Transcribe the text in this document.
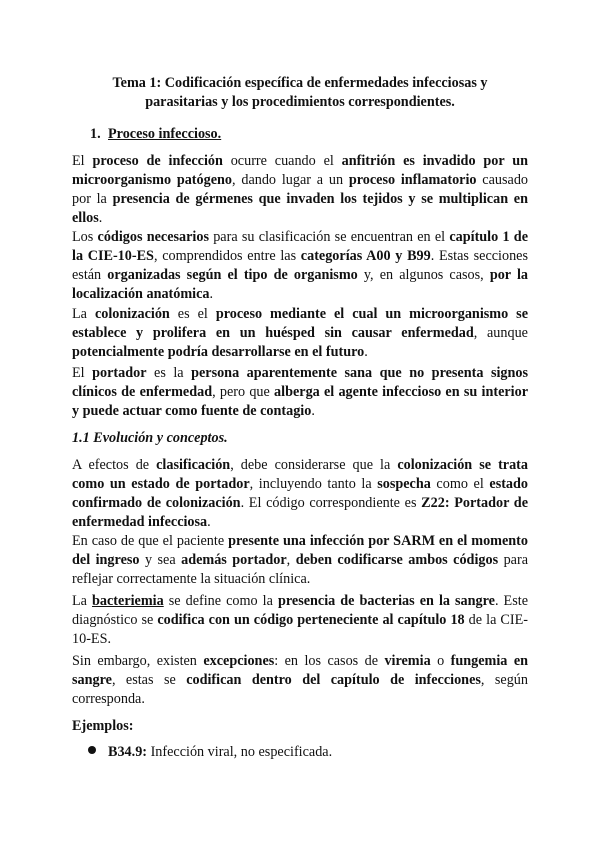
Tema 1: Codificación específica de enfermedades infecciosas y
parasitarias y los procedimientos correspondientes.
1. Proceso infeccioso.

El proceso de infección ocurre cuando el anfitrión es invadido por un microorganismo patógeno, dando lugar a un proceso inflamatorio causado por la presencia de gérmenes que invaden los tejidos y se multiplican en ellos.

Los códigos necesarios para su clasificación se encuentran en el capítulo 1 de la CIE-10-ES, comprendidos entre las categorías A00 y B99. Estas secciones están organizadas según el tipo de organismo y, en algunos casos, por la localización anatómica.

La colonización es el proceso mediante el cual un microorganismo se establece y prolifera en un huésped sin causar enfermedad, aunque potencialmente podría desarrollarse en el futuro.

El portador es la persona aparentemente sana que no presenta signos clínicos de enfermedad, pero que alberga el agente infeccioso en su interior y puede actuar como fuente de contagio.

1.1 Evolución y conceptos.

A efectos de clasificación, debe considerarse que la colonización se trata como un estado de portador, incluyendo tanto la sospecha como el estado confirmado de colonización. El código correspondiente es Z22: Portador de enfermedad infecciosa.

En caso de que el paciente presente una infección por SARM en el momento del ingreso y sea además portador, deben codificarse ambos códigos para reflejar correctamente la situación clínica.

La bacteriemia se define como la presencia de bacterias en la sangre. Este diagnóstico se codifica con un código perteneciente al capítulo 18 de la CIE-10-ES.

Sin embargo, existen excepciones: en los casos de viremia o fungemia en sangre, estas se codifican dentro del capítulo de infecciones, según corresponda.

Ejemplos:
B34.9: Infección viral, no especificada.
